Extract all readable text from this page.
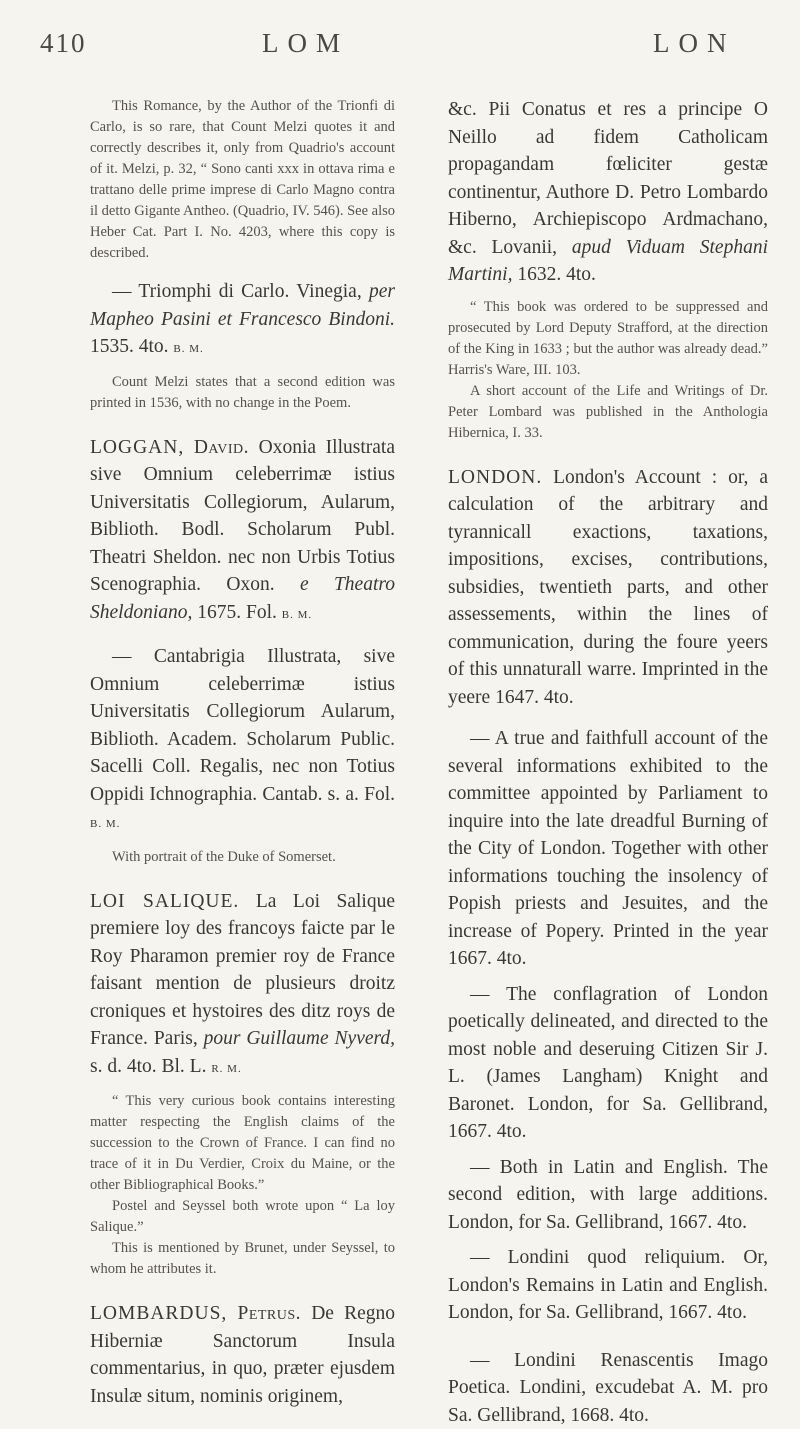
410	LOM	LON

This Romance, by the Author of the Trionfi di Carlo, is so rare, that Count Melzi quotes it and correctly describes it, only from Quadrio's account of it. Melzi, p. 32, “ Sono canti xxx in ottava rima e trattano delle prime imprese di Carlo Magno contra il detto Gigante Antheo. (Quadrio, IV. 546). See also Heber Cat. Part I. No. 4203, where this copy is described.

— Triomphi di Carlo. Vinegia, per Mapheo Pasini et Francesco Bindoni. 1535. 4to. B. M.

Count Melzi states that a second edition was printed in 1536, with no change in the Poem.

LOGGAN, David. Oxonia Illustrata sive Omnium celeberrimæ istius Universitatis Collegiorum, Aularum, Biblioth. Bodl. Scholarum Publ. Theatri Sheldon. nec non Urbis Totius Scenographia. Oxon. e Theatro Sheldoniano, 1675. Fol. B. M.

— Cantabrigia Illustrata, sive Omnium celeberrimæ istius Universitatis Collegiorum Aularum, Biblioth. Academ. Scholarum Public. Sacelli Coll. Regalis, nec non Totius Oppidi Ichnographia. Cantab. s. a. Fol. B. M.

With portrait of the Duke of Somerset.

LOI SALIQUE. La Loi Salique premiere loy des francoys faicte par le Roy Pharamon premier roy de France faisant mention de plusieurs droitz croniques et hystoires des ditz roys de France. Paris, pour Guillaume Nyverd, s. d. 4to. Bl. L. R. M.

“ This very curious book contains interesting matter respecting the English claims of the succession to the Crown of France. I can find no trace of it in Du Verdier, Croix du Maine, or the other Bibliographical Books.”

Postel and Seyssel both wrote upon “ La loy Salique.”

This is mentioned by Brunet, under Seyssel, to whom he attributes it.

LOMBARDUS, Petrus. De Regno Hiberniæ Sanctorum Insula commentarius, in quo, præter ejusdem Insulæ situm, nominis originem,

&c. Pii Conatus et res a principe O Neillo ad fidem Catholicam propagandam fœliciter gestæ continentur, Authore D. Petro Lombardo Hiberno, Archiepiscopo Ardmachano, &c. Lovanii, apud Viduam Stephani Martini, 1632. 4to.

“ This book was ordered to be suppressed and prosecuted by Lord Deputy Strafford, at the direction of the King in 1633 ; but the author was already dead.” Harris's Ware, III. 103.

A short account of the Life and Writings of Dr. Peter Lombard was published in the Anthologia Hibernica, I. 33.

LONDON. London's Account : or, a calculation of the arbitrary and tyrannicall exactions, taxations, impositions, excises, contributions, subsidies, twentieth parts, and other assessements, within the lines of communication, during the foure yeers of this unnaturall warre. Imprinted in the yeere 1647. 4to.

— A true and faithfull account of the several informations exhibited to the committee appointed by Parliament to inquire into the late dreadful Burning of the City of London. Together with other informations touching the insolency of Popish priests and Jesuites, and the increase of Popery. Printed in the year 1667. 4to.

— The conflagration of London poetically delineated, and directed to the most noble and deseruing Citizen Sir J. L. (James Langham) Knight and Baronet. London, for Sa. Gellibrand, 1667. 4to.

— Both in Latin and English. The second edition, with large additions. London, for Sa. Gellibrand, 1667. 4to.

— Londini quod reliquium. Or, London's Remains in Latin and English. London, for Sa. Gellibrand, 1667. 4to.

— Londini Renascentis Imago Poetica. Londini, excudebat A. M. pro Sa. Gellibrand, 1668. 4to.
